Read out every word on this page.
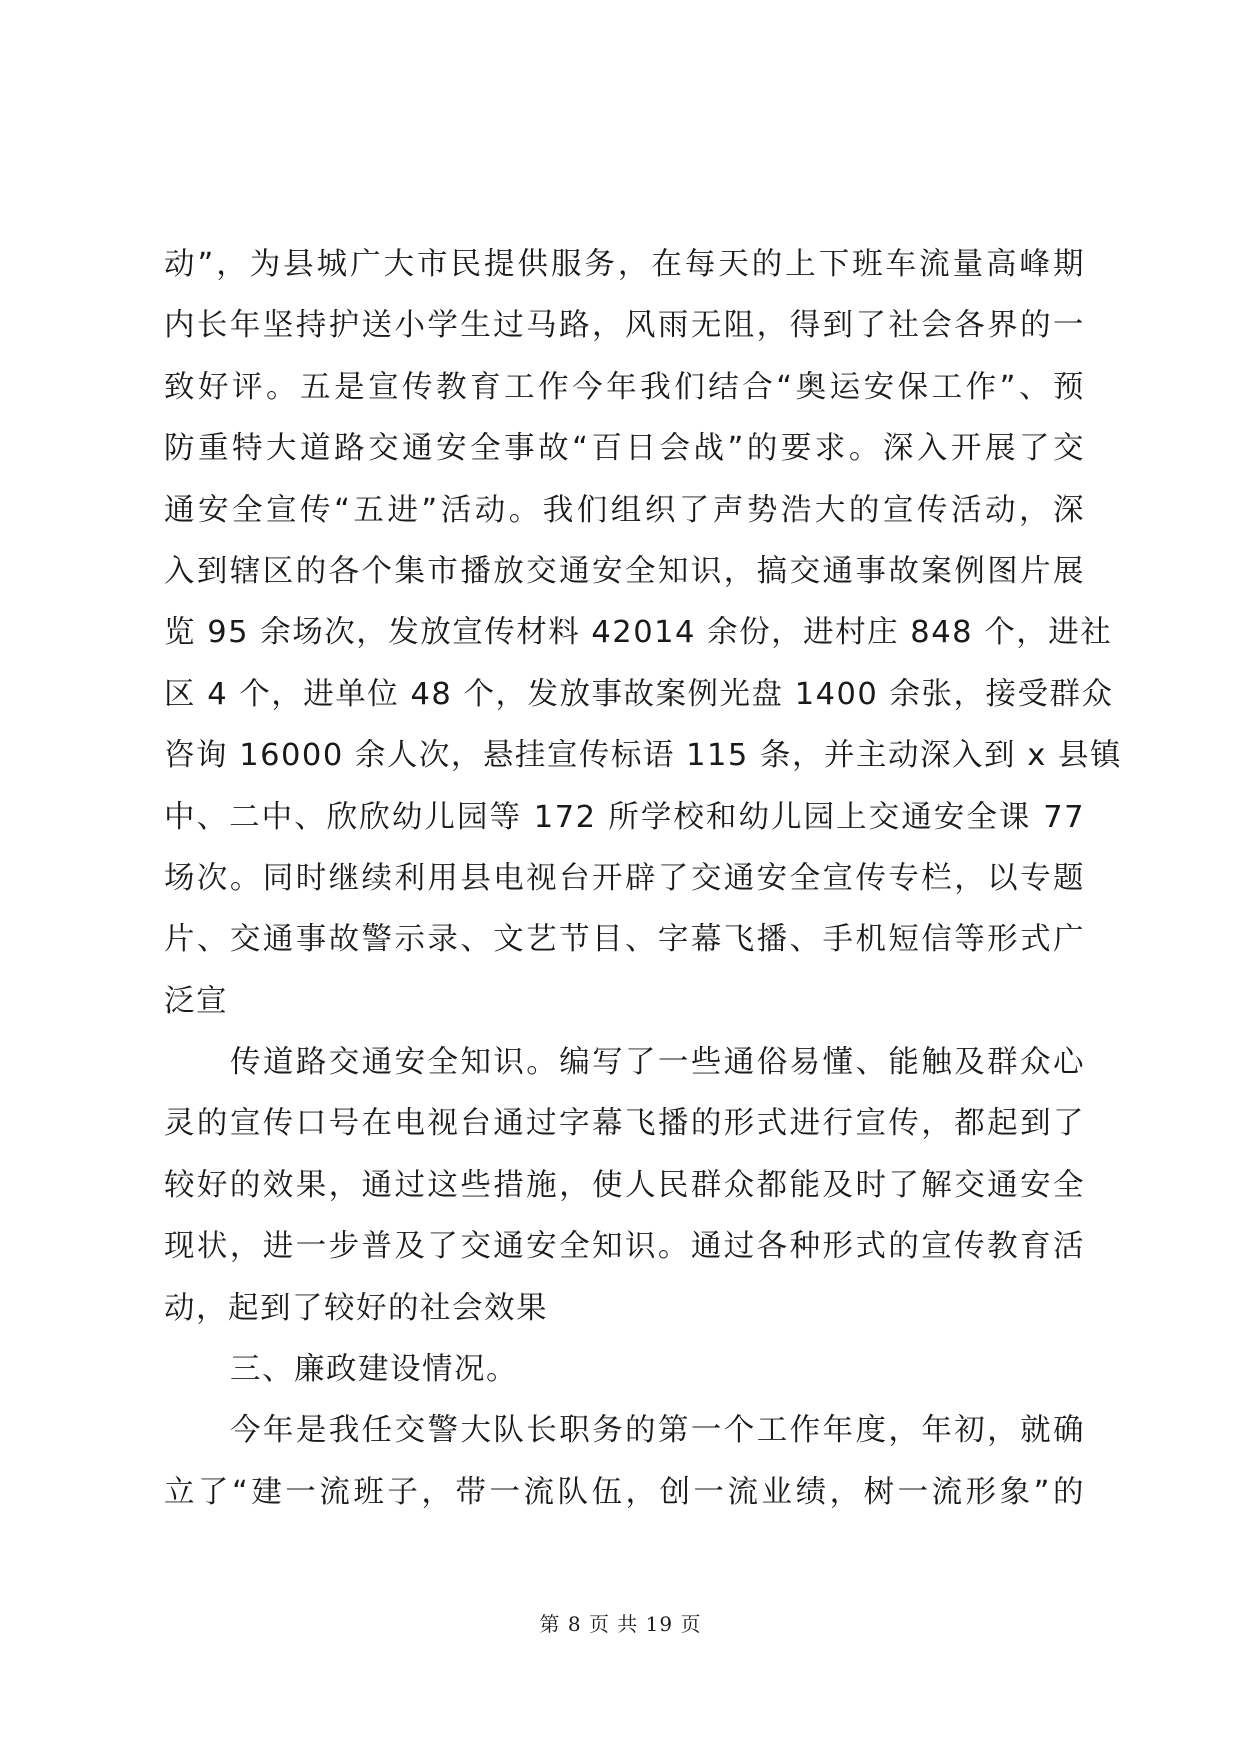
动”，为县城广大市民提供服务，在每天的上下班车流量高峰期
内长年坚持护送小学生过马路，风雨无阻，得到了社会各界的一
致好评。五是宣传教育工作今年我们结合“奥运安保工作”、预
防重特大道路交通安全事故“百日会战”的要求。深入开展了交
通安全宣传“五进”活动。我们组织了声势浩大的宣传活动，深
入到辖区的各个集市播放交通安全知识，搞交通事故案例图片展
览 95 余场次，发放宣传材料 42014 余份，进村庄 848 个，进社
区 4 个，进单位 48 个，发放事故案例光盘 1400 余张，接受群众
咨询 16000 余人次，悬挂宣传标语 115 条，并主动深入到 x 县镇
中、二中、欣欣幼儿园等 172 所学校和幼儿园上交通安全课 77
场次。同时继续利用县电视台开辟了交通安全宣传专栏，以专题
片、交通事故警示录、文艺节目、字幕飞播、手机短信等形式广
泛宣
传道路交通安全知识。编写了一些通俗易懂、能触及群众心
灵的宣传口号在电视台通过字幕飞播的形式进行宣传，都起到了
较好的效果，通过这些措施，使人民群众都能及时了解交通安全
现状，进一步普及了交通安全知识。通过各种形式的宣传教育活
动，起到了较好的社会效果
三、廉政建设情况。
今年是我任交警大队长职务的第一个工作年度，年初，就确
立了“建一流班子，带一流队伍，创一流业绩，树一流形象”的
第 8 页 共 19 页
